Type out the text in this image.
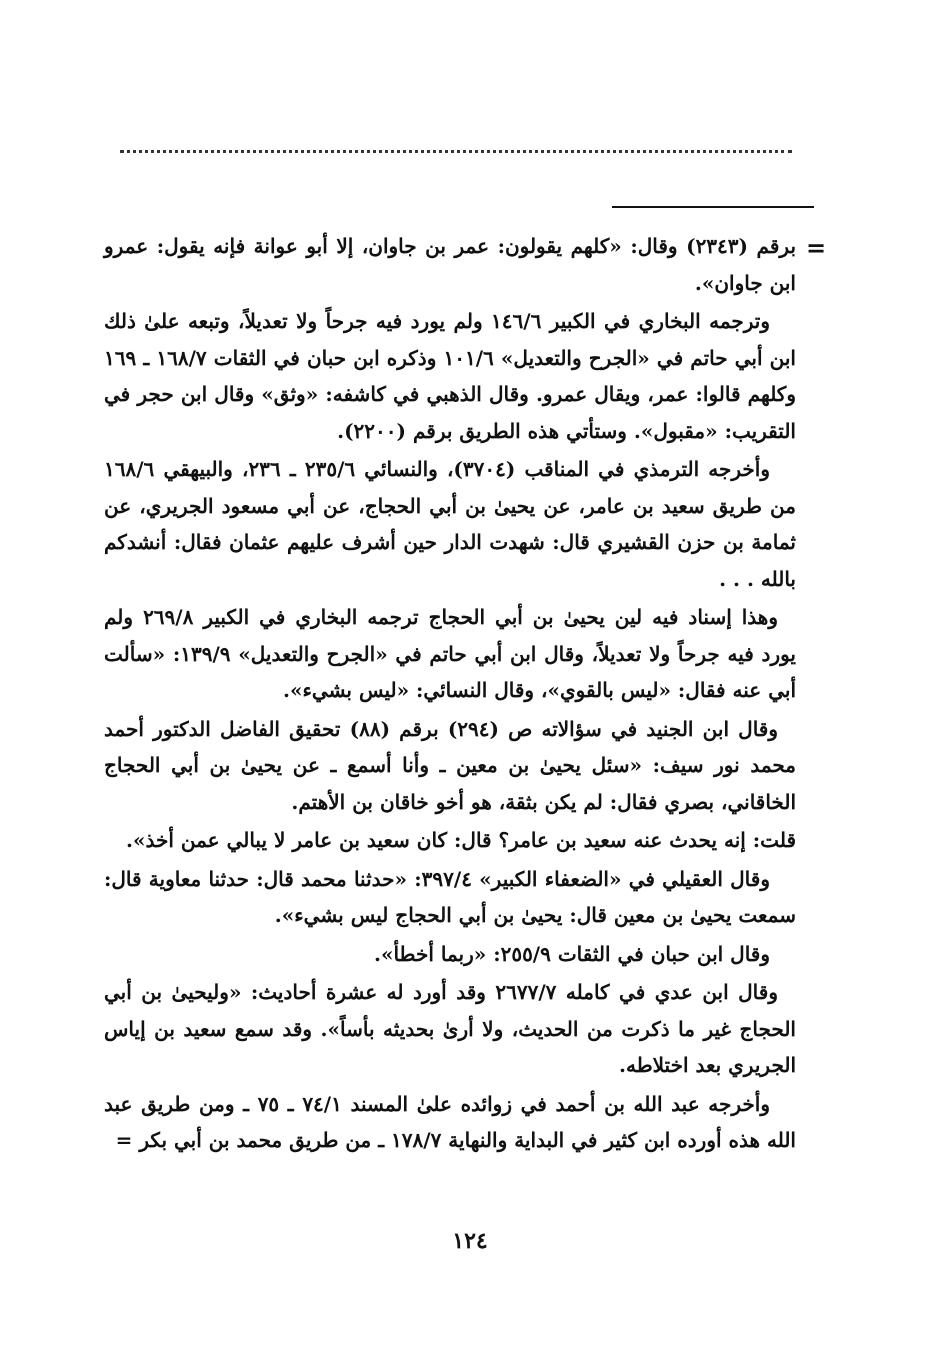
=

برقم (٢٣٤٣) وقال: «كلهم يقولون: عمر بن جاوان، إلا أبو عوانة فإنه يقول: عمرو ابن جاوان».

وترجمه البخاري في الكبير ١٤٦/٦ ولم يورد فيه جرحاً ولا تعديلاً، وتبعه علىٰ ذلك ابن أبي حاتم في «الجرح والتعديل» ١٠١/٦ وذكره ابن حبان في الثقات ١٦٨/٧ ـ ١٦٩ وكلهم قالوا: عمر، ويقال عمرو. وقال الذهبي في كاشفه: «وثق» وقال ابن حجر في التقريب: «مقبول». وستأتي هذه الطريق برقم (٢٢٠٠).

وأخرجه الترمذي في المناقب (٣٧٠٤)، والنسائي ٢٣٥/٦ ـ ٢٣٦، والبيهقي ١٦٨/٦ من طريق سعيد بن عامر، عن يحيىٰ بن أبي الحجاج، عن أبي مسعود الجريري، عن ثمامة بن حزن القشيري قال: شهدت الدار حين أشرف عليهم عثمان فقال: أنشدكم بالله . . .

وهذا إسناد فيه لين يحيىٰ بن أبي الحجاج ترجمه البخاري في الكبير ٢٦٩/٨ ولم يورد فيه جرحاً ولا تعديلاً، وقال ابن أبي حاتم في «الجرح والتعديل» ١٣٩/٩: «سألت أبي عنه فقال: «ليس بالقوي»، وقال النسائي: «ليس بشيء».

وقال ابن الجنيد في سؤالاته ص (٢٩٤) برقم (٨٨) تحقيق الفاضل الدكتور أحمد محمد نور سيف: «سئل يحيىٰ بن معين ـ وأنا أسمع ـ عن يحيىٰ بن أبي الحجاج الخاقاني، بصري فقال: لم يكن بثقة، هو أخو خاقان بن الأهتم.

قلت: إنه يحدث عنه سعيد بن عامر؟ قال: كان سعيد بن عامر لا يبالي عمن أخذ».

وقال العقيلي في «الضعفاء الكبير» ٣٩٧/٤: «حدثنا محمد قال: حدثنا معاوية قال: سمعت يحيىٰ بن معين قال: يحيىٰ بن أبي الحجاج ليس بشيء».

وقال ابن حبان في الثقات ٢٥٥/٩: «ربما أخطأ».

وقال ابن عدي في كامله ٢٦٧٧/٧ وقد أورد له عشرة أحاديث: «وليحيىٰ بن أبي الحجاج غير ما ذكرت من الحديث، ولا أرىٰ بحديثه بأساً». وقد سمع سعيد بن إياس الجريري بعد اختلاطه.

وأخرجه عبد الله بن أحمد في زوائده علىٰ المسند ٧٤/١ ـ ٧٥ ـ ومن طريق عبد الله هذه أورده ابن كثير في البداية والنهاية ١٧٨/٧ ـ من طريق محمد بن أبي بكر =

١٢٤
